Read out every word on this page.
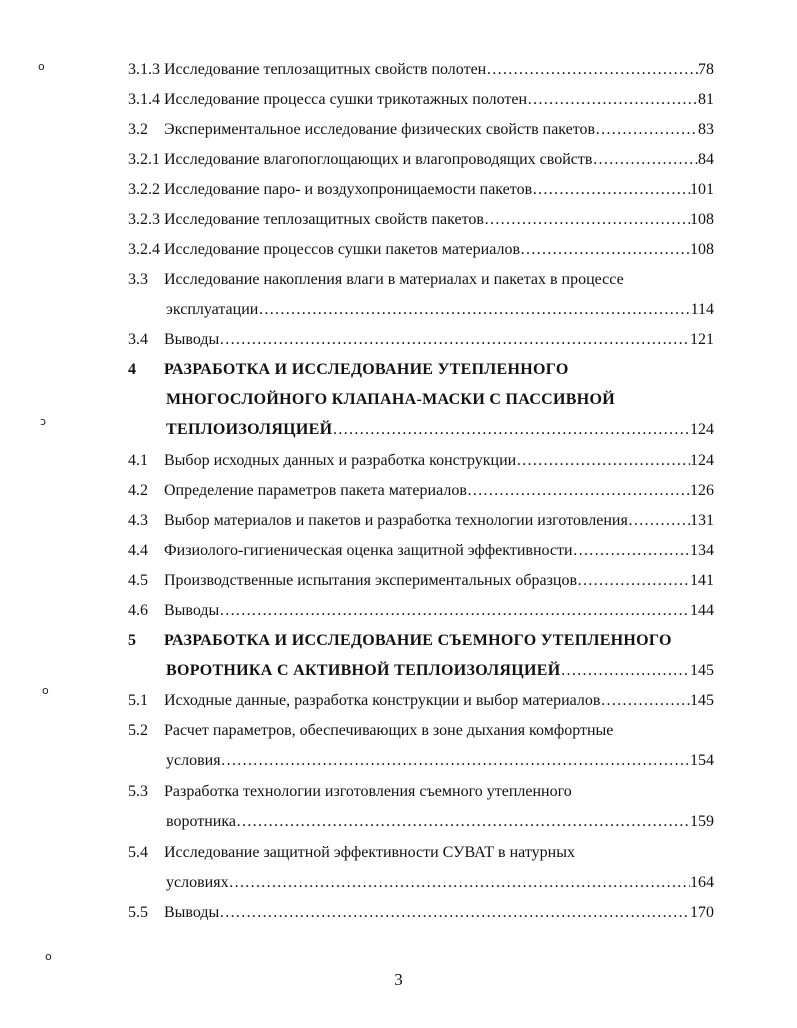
o
ɔ
o
o
3.1.3 Исследование теплозащитных свойств полотен ……………………………………………………………………………………………………………………………………………………………………………	78
3.1.4 Исследование процесса сушки трикотажных полотен ……………………………………………………………………………………………………………………………………………………………………………	81
3.2	Экспериментальное исследование физических свойств пакетов ……………………………………………………………………………………………………………………………………………………………………………	83
3.2.1 Исследование влагопоглощающих и влагопроводящих свойств ……………………………………………………………………………………………………………………………………………………………………………	84
3.2.2 Исследование паро- и воздухопроницаемости пакетов ……………………………………………………………………………………………………………………………………………………………………………	101
3.2.3 Исследование теплозащитных свойств пакетов ……………………………………………………………………………………………………………………………………………………………………………	108
3.2.4 Исследование процессов сушки пакетов материалов ……………………………………………………………………………………………………………………………………………………………………………	108
3.3	Исследование накопления влаги в материалах и пакетах в процессе
эксплуатации ……………………………………………………………………………………………………………………………………………………………………………	114
3.4	Выводы ……………………………………………………………………………………………………………………………………………………………………………	121
4	РАЗРАБОТКА И ИССЛЕДОВАНИЕ УТЕПЛЕННОГО
МНОГОСЛОЙНОГО КЛАПАНА-МАСКИ С ПАССИВНОЙ
ТЕПЛОИЗОЛЯЦИЕЙ ……………………………………………………………………………………………………………………………………………………………………………	124
4.1	Выбор исходных данных и разработка конструкции ……………………………………………………………………………………………………………………………………………………………………………	124
4.2	Определение параметров пакета материалов ……………………………………………………………………………………………………………………………………………………………………………	126
4.3	Выбор материалов и пакетов и разработка технологии изготовления ……………………………………………………………………………………………………………………………………………………………………………	131
4.4	Физиолого-гигиеническая оценка защитной эффективности ……………………………………………………………………………………………………………………………………………………………………………	134
4.5	Производственные испытания экспериментальных образцов ……………………………………………………………………………………………………………………………………………………………………………	141
4.6	Выводы ……………………………………………………………………………………………………………………………………………………………………………	144
5	РАЗРАБОТКА И ИССЛЕДОВАНИЕ СЪЕМНОГО УТЕПЛЕННОГО
ВОРОТНИКА С АКТИВНОЙ ТЕПЛОИЗОЛЯЦИЕЙ ……………………………………………………………………………………………………………………………………………………………………………	145
5.1	Исходные данные, разработка конструкции и выбор материалов ……………………………………………………………………………………………………………………………………………………………………………	145
5.2	Расчет параметров, обеспечивающих в зоне дыхания комфортные
условия ……………………………………………………………………………………………………………………………………………………………………………	154
5.3	Разработка технологии изготовления съемного утепленного
воротника ……………………………………………………………………………………………………………………………………………………………………………	159
5.4	Исследование защитной эффективности СУВАТ в натурных
условиях ……………………………………………………………………………………………………………………………………………………………………………	164
5.5	Выводы ……………………………………………………………………………………………………………………………………………………………………………	170
3
